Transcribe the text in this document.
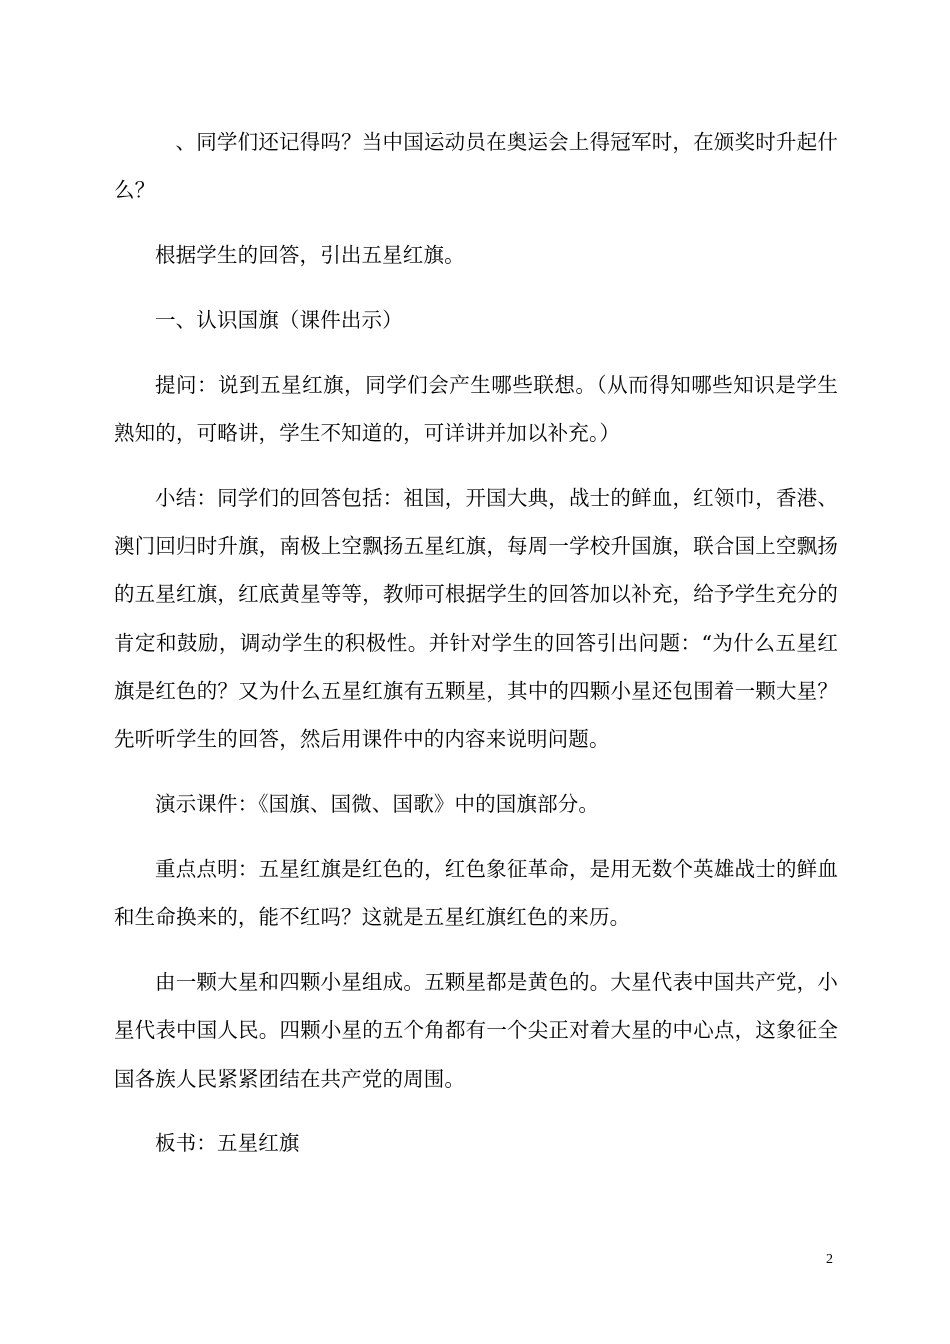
、同学们还记得吗？当中国运动员在奥运会上得冠军时，在颁奖时升起什么？

根据学生的回答，引出五星红旗。

一、认识国旗（课件出示）

提问：说到五星红旗，同学们会产生哪些联想。（从而得知哪些知识是学生熟知的，可略讲，学生不知道的，可详讲并加以补充。）

小结：同学们的回答包括：祖国，开国大典，战士的鲜血，红领巾，香港、澳门回归时升旗，南极上空飘扬五星红旗，每周一学校升国旗，联合国上空飘扬的五星红旗，红底黄星等等，教师可根据学生的回答加以补充，给予学生充分的肯定和鼓励，调动学生的积极性。并针对学生的回答引出问题：“为什么五星红旗是红色的？又为什么五星红旗有五颗星，其中的四颗小星还包围着一颗大星？先听听学生的回答，然后用课件中的内容来说明问题。

演示课件：《国旗、国微、国歌》中的国旗部分。

重点点明：五星红旗是红色的，红色象征革命，是用无数个英雄战士的鲜血和生命换来的，能不红吗？这就是五星红旗红色的来历。

由一颗大星和四颗小星组成。五颗星都是黄色的。大星代表中国共产党，小星代表中国人民。四颗小星的五个角都有一个尖正对着大星的中心点，这象征全国各族人民紧紧团结在共产党的周围。

板书：五星红旗

2
